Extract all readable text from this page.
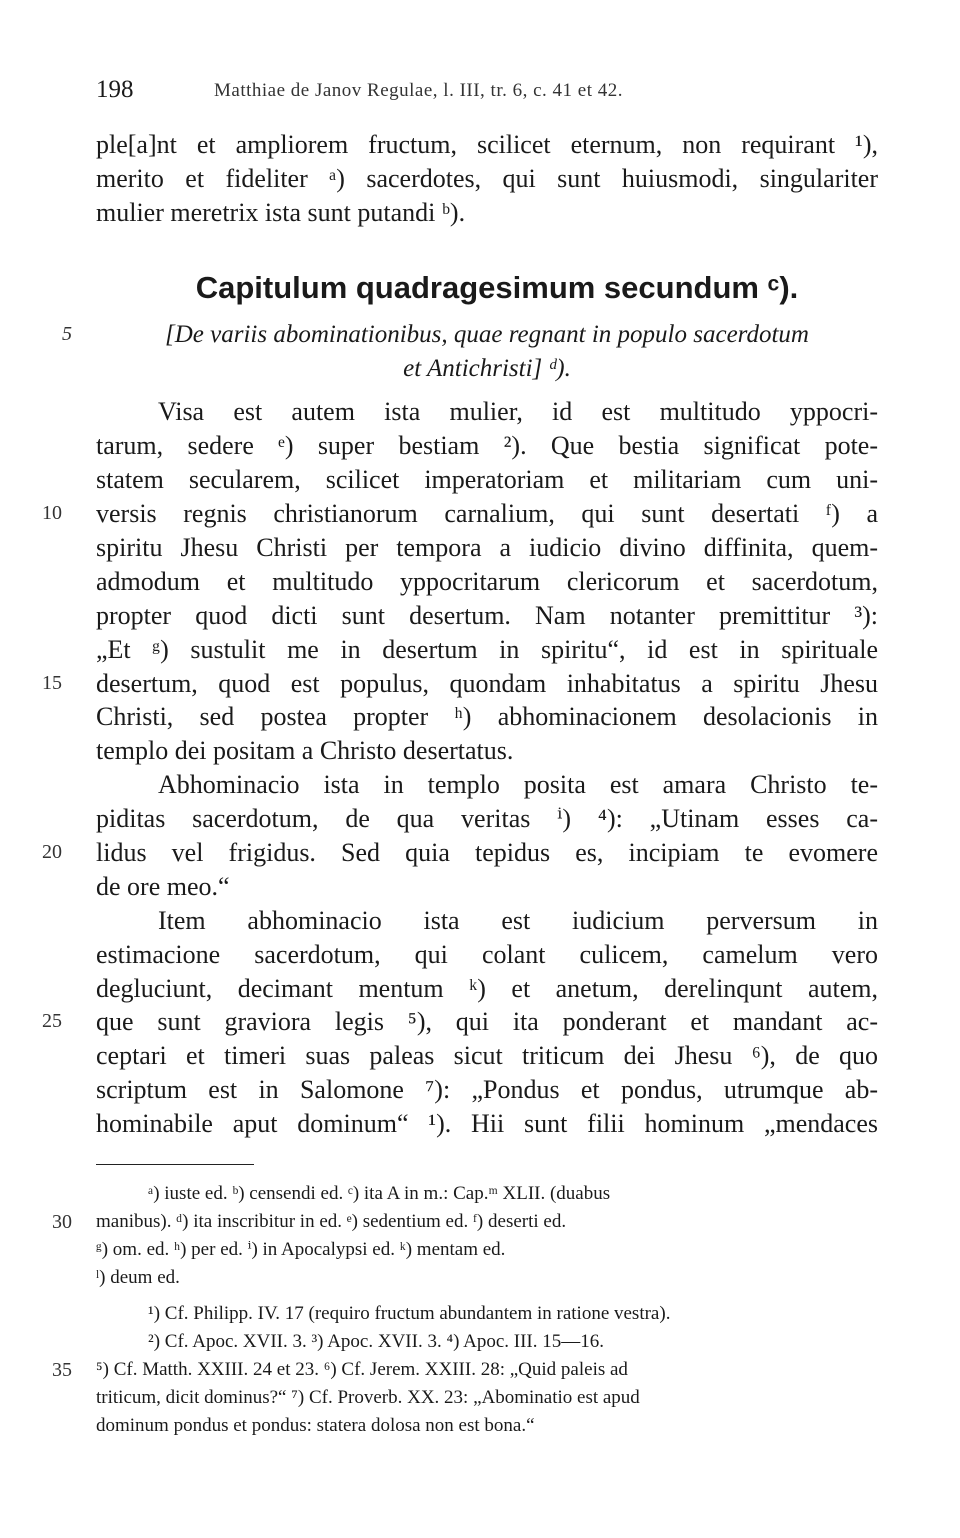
198	Matthiae de Janov Regulae, l. III, tr. 6, c. 41 et 42.
ple[a]nt et ampliorem fructum, scilicet eternum, non requirant ¹),
merito et fideliter ᵃ) sacerdotes, qui sunt huiusmodi, singulariter
mulier meretrix ista sunt putandi ᵇ).
Capitulum quadragesimum secundum ᶜ).
5	[De variis abominationibus, quae regnant in populo sacerdotum
et Antichristi] ᵈ).
Visa est autem ista mulier, id est multitudo yppocri-
tarum, sedere ᵉ) super bestiam ²). Que bestia significat pote-
statem secularem, scilicet imperatoriam et militariam cum uni-
10	versis regnis christianorum carnalium, qui sunt desertati ᶠ) a
spiritu Jhesu Christi per tempora a iudicio divino diffinita, quem-
admodum et multitudo yppocritarum clericorum et sacerdotum,
propter quod dicti sunt desertum. Nam notanter premittitur ³):
„Et ᵍ) sustulit me in desertum in spiritu“, id est in spirituale
15	desertum, quod est populus, quondam inhabitatus a spiritu Jhesu
Christi, sed postea propter ʰ) abhominacionem desolacionis in
templo dei positam a Christo desertatus.
Abhominacio ista in templo posita est amara Christo te-
piditas sacerdotum, de qua veritas ⁱ) ⁴): „Utinam esses ca-
20	lidus vel frigidus. Sed quia tepidus es, incipiam te evomere
de ore meo.“
Item abhominacio ista est iudicium perversum in
estimacione sacerdotum, qui colant culicem, camelum vero
degluciunt, decimant mentum ᵏ) et anetum, derelinqunt autem,
25	que sunt graviora legis ⁵), qui ita ponderant et mandant ac-
ceptari et timeri suas paleas sicut triticum dei Jhesu ⁶), de quo
scriptum est in Salomone ⁷): „Pondus et pondus, utrumque ab-
hominabile aput dominum“ ¹). Hii sunt filii hominum „mendaces
ᵃ) iuste ed. ᵇ) censendi ed. ᶜ) ita A in m.: Cap.ᵐ XLII. (duabus
30 manibus). ᵈ) ita inscribitur in ed. ᵉ) sedentium ed. ᶠ) deserti ed.
ᵍ) om. ed. ʰ) per ed. ⁱ) in Apocalypsi ed. ᵏ) mentam ed.
ˡ) deum ed.
¹) Cf. Philipp. IV. 17 (requiro fructum abundantem in ratione vestra).
²) Cf. Apoc. XVII. 3. ³) Apoc. XVII. 3. ⁴) Apoc. III. 15—16.
35 ⁵) Cf. Matth. XXIII. 24 et 23. ⁶) Cf. Jerem. XXIII. 28: „Quid paleis ad
triticum, dicit dominus?“ ⁷) Cf. Proverb. XX. 23: „Abominatio est apud
dominum pondus et pondus: statera dolosa non est bona.“
